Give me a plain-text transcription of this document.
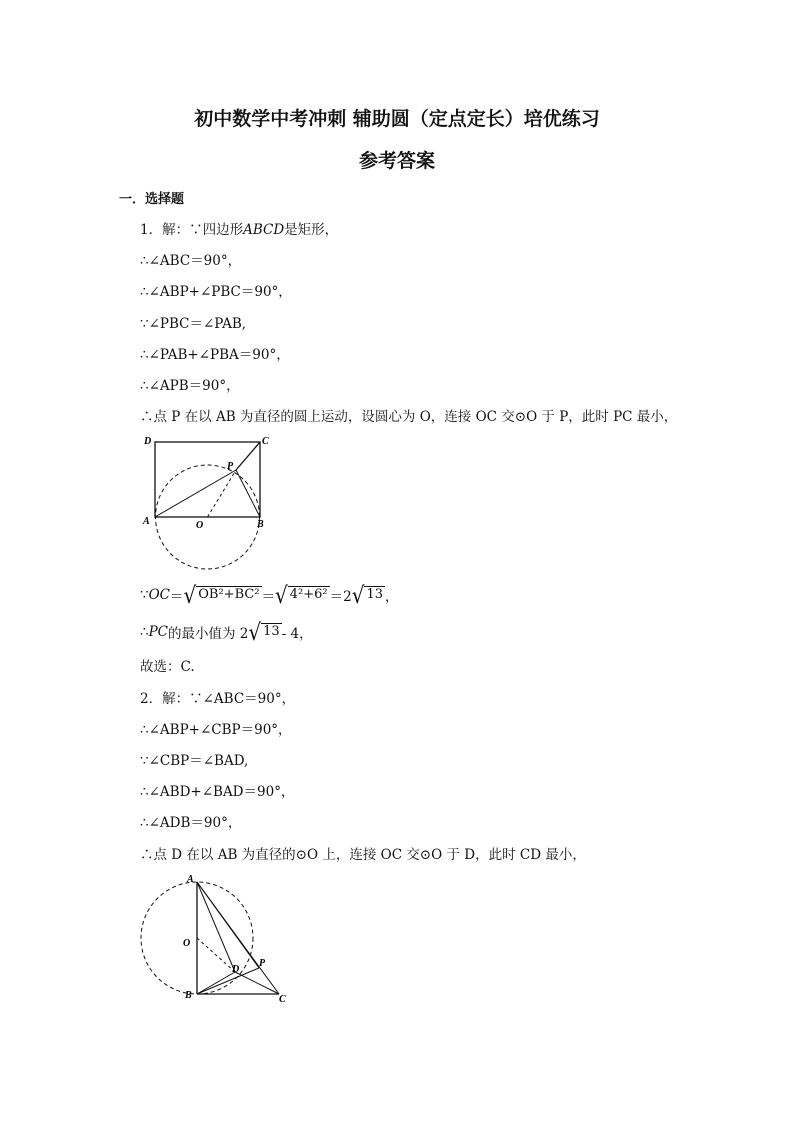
初中数学中考冲刺 辅助圆（定点定长）培优练习
参考答案
一．选择题
1．解：∵四边形ABCD是矩形，
∴∠ABC＝90°，
∴∠ABP+∠PBC＝90°，
∵∠PBC＝∠PAB,
∴∠PAB+∠PBA＝90°，
∴∠APB＝90°，
∴点 P 在以 AB 为直径的圆上运动，设圆心为 O，连接 OC 交⊙O 于 P，此时 PC 最小，
D	C
P
A	O	B
∵ OC ＝ √ OB²+BC² ＝ √ 4²+6² ＝2 √ 13 ，
∴ PC 的最小值为 2 √ 13 - 4，
故选：C.
2．解：∵∠ABC＝90°，
∴∠ABP+∠CBP＝90°，
∵∠CBP＝∠BAD,
∴∠ABD+∠BAD＝90°，
∴∠ADB＝90°，
∴点 D 在以 AB 为直径的⊙O 上，连接 OC 交⊙O 于 D，此时 CD 最小，
A
O
D
P
B	C
